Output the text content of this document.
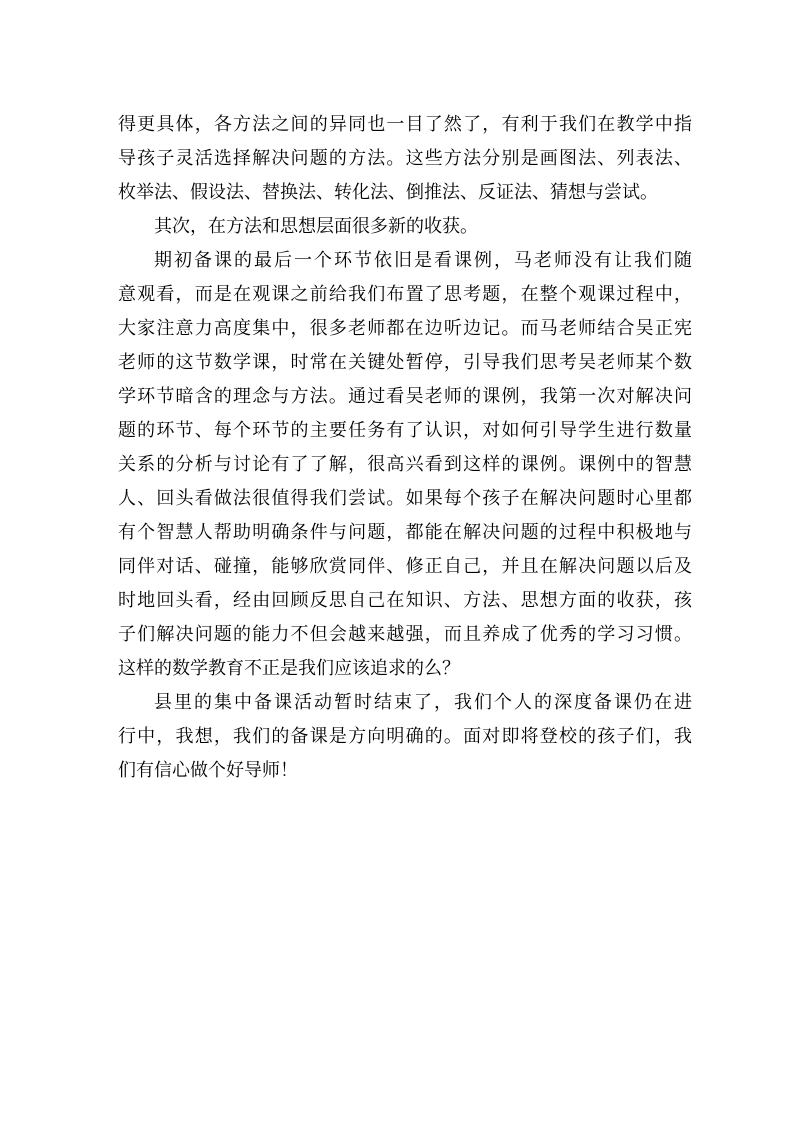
得更具体，各方法之间的异同也一目了然了，有利于我们在教学中指
导孩子灵活选择解决问题的方法。这些方法分别是画图法、列表法、
枚举法、假设法、替换法、转化法、倒推法、反证法、猜想与尝试。
其次，在方法和思想层面很多新的收获。
期初备课的最后一个环节依旧是看课例，马老师没有让我们随
意观看，而是在观课之前给我们布置了思考题，在整个观课过程中，
大家注意力高度集中，很多老师都在边听边记。而马老师结合吴正宪
老师的这节数学课，时常在关键处暂停，引导我们思考吴老师某个数
学环节暗含的理念与方法。通过看吴老师的课例，我第一次对解决问
题的环节、每个环节的主要任务有了认识，对如何引导学生进行数量
关系的分析与讨论有了了解，很高兴看到这样的课例。课例中的智慧
人、回头看做法很值得我们尝试。如果每个孩子在解决问题时心里都
有个智慧人帮助明确条件与问题，都能在解决问题的过程中积极地与
同伴对话、碰撞，能够欣赏同伴、修正自己，并且在解决问题以后及
时地回头看，经由回顾反思自己在知识、方法、思想方面的收获，孩
子们解决问题的能力不但会越来越强，而且养成了优秀的学习习惯。
这样的数学教育不正是我们应该追求的么？
县里的集中备课活动暂时结束了，我们个人的深度备课仍在进
行中，我想，我们的备课是方向明确的。面对即将登校的孩子们，我
们有信心做个好导师！
